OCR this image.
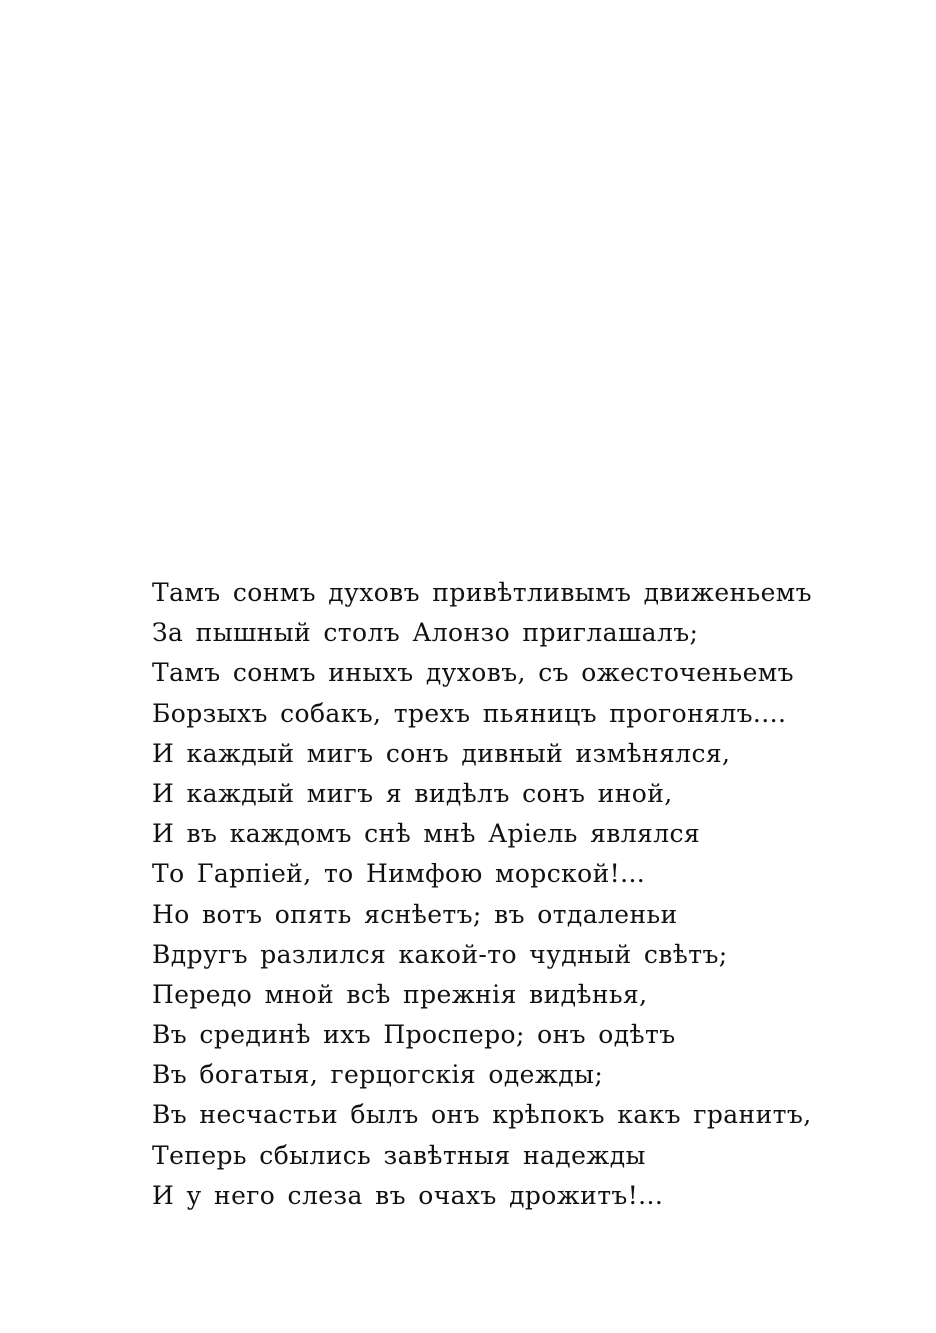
Тамъ сонмъ духовъ привѣтливымъ движеньемъ
За пышный столъ Алонзо приглашалъ;
Тамъ сонмъ иныхъ духовъ, съ ожесточеньемъ
Борзыхъ собакъ, трехъ пьяницъ прогонялъ....
И каждый мигъ сонъ дивный измѣнялся,
И каждый мигъ я видѣлъ сонъ иной,
И въ каждомъ снѣ мнѣ Аріель являлся
То Гарпіей, то Нимфою морской!...
Но вотъ опять яснѣетъ; въ отдаленьи
Вдругъ разлился какой-то чудный свѣтъ;
Передо мной всѣ прежнія видѣнья,
Въ срединѣ ихъ Просперо; онъ одѣтъ
Въ богатыя, герцогскія одежды;
Въ несчастьи былъ онъ крѣпокъ какъ гранитъ,
Теперь сбылись завѣтныя надежды
И у него слеза въ очахъ дрожитъ!...
